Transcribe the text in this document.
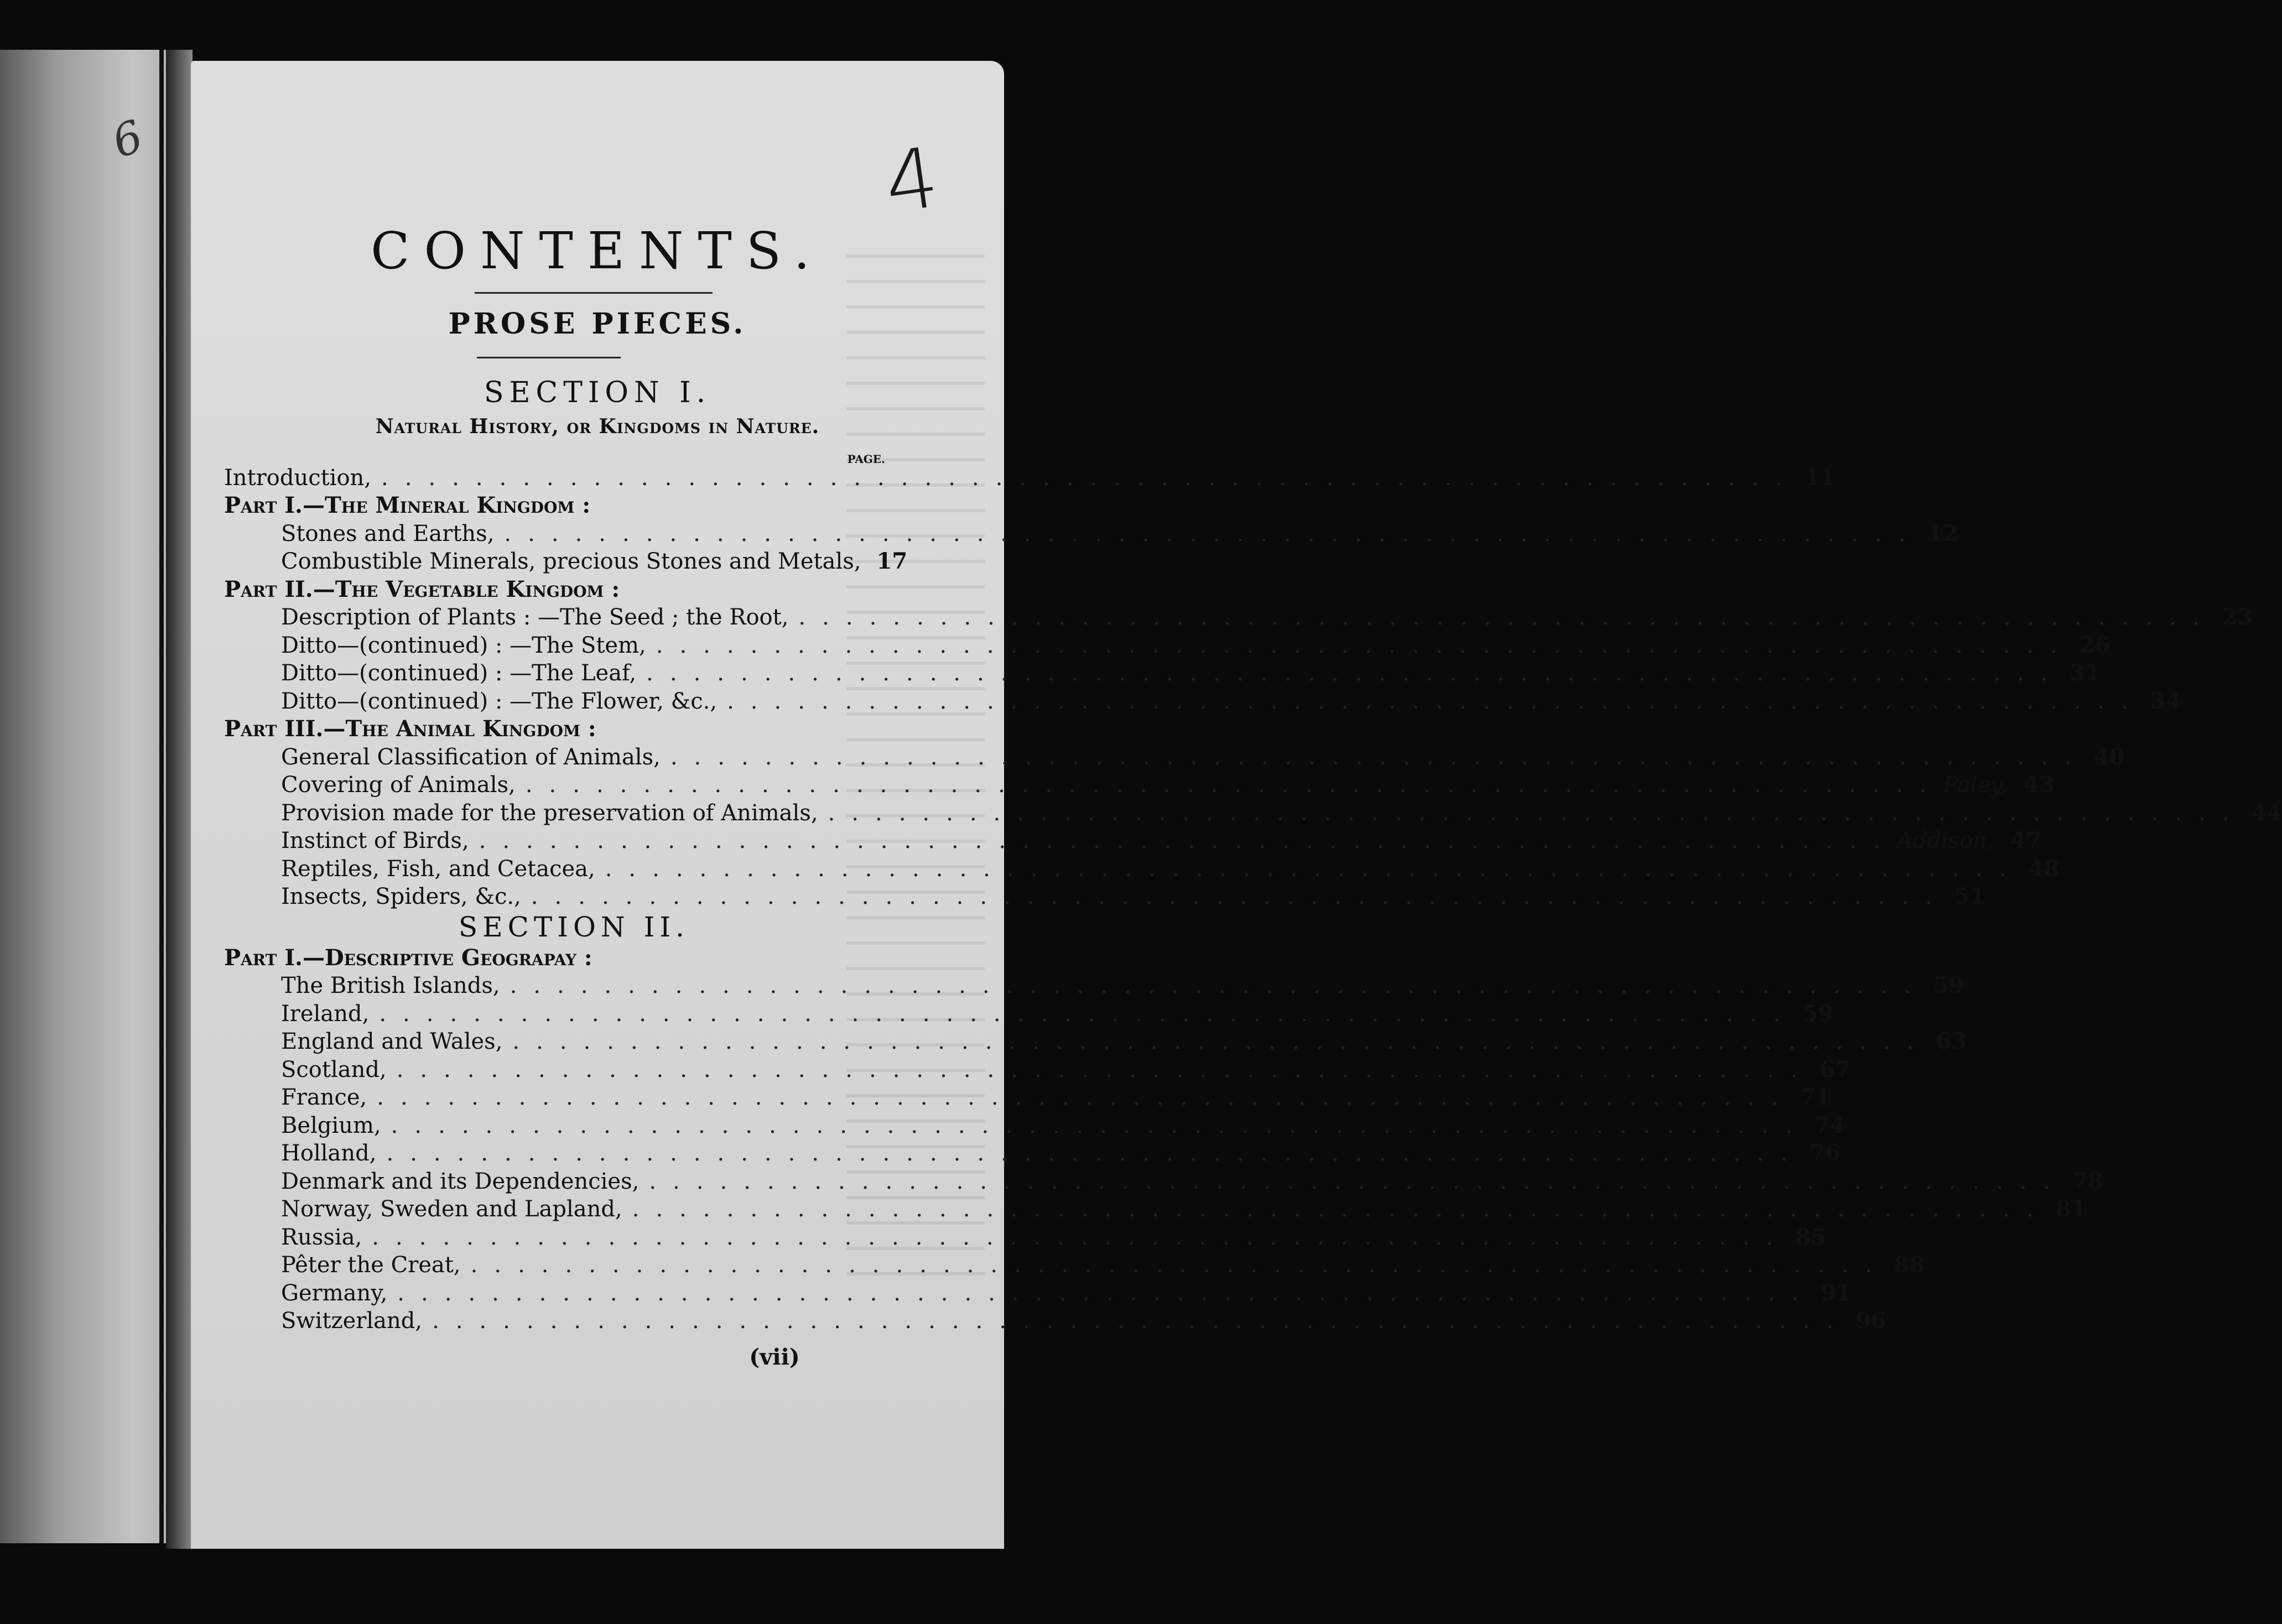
6	4
CONTENTS.
PROSE PIECES.
SECTION I.
Natural History, or Kingdoms in Nature.
PAGE.
Introduction, ............................................................ 11
Part I.—The Mineral Kingdom :
Stones and Earths, ............................................................ 12
Combustible Minerals, precious Stones and Metals, 17
Part II.—The Vegetable Kingdom :
Description of Plants : —The Seed ; the Root, ............................................................ 23
Ditto—(continued) : —The Stem, ............................................................ 26
Ditto—(continued) : —The Leaf, ............................................................ 31
Ditto—(continued) : —The Flower, &c., ............................................................ 34
Part III.—The Animal Kingdom :
General Classification of Animals, ............................................................ 40
Covering of Animals, ............................................................ Paley, 43
Provision made for the preservation of Animals, ............................................................ 44
Instinct of Birds, ............................................................ Addison, 47
Reptiles, Fish, and Cetacea, ............................................................ 48
Insects, Spiders, &c., ............................................................ 51
SECTION II.
Part I.—Descriptive Geograpay :
The British Islands, ............................................................ 59
Ireland, ............................................................ 59
England and Wales, ............................................................ 63
Scotland, ............................................................ 67
France, ............................................................ 71
Belgium, ............................................................ 74
Holland, ............................................................ 76
Denmark and its Dependencies, ............................................................ 78
Norway, Sweden and Lapland, ............................................................ 81
Russia, ............................................................ 85
Pêter the Creat, ............................................................ 88
Germany, ............................................................ 91
Switzerland, ............................................................ 96
(vii)
